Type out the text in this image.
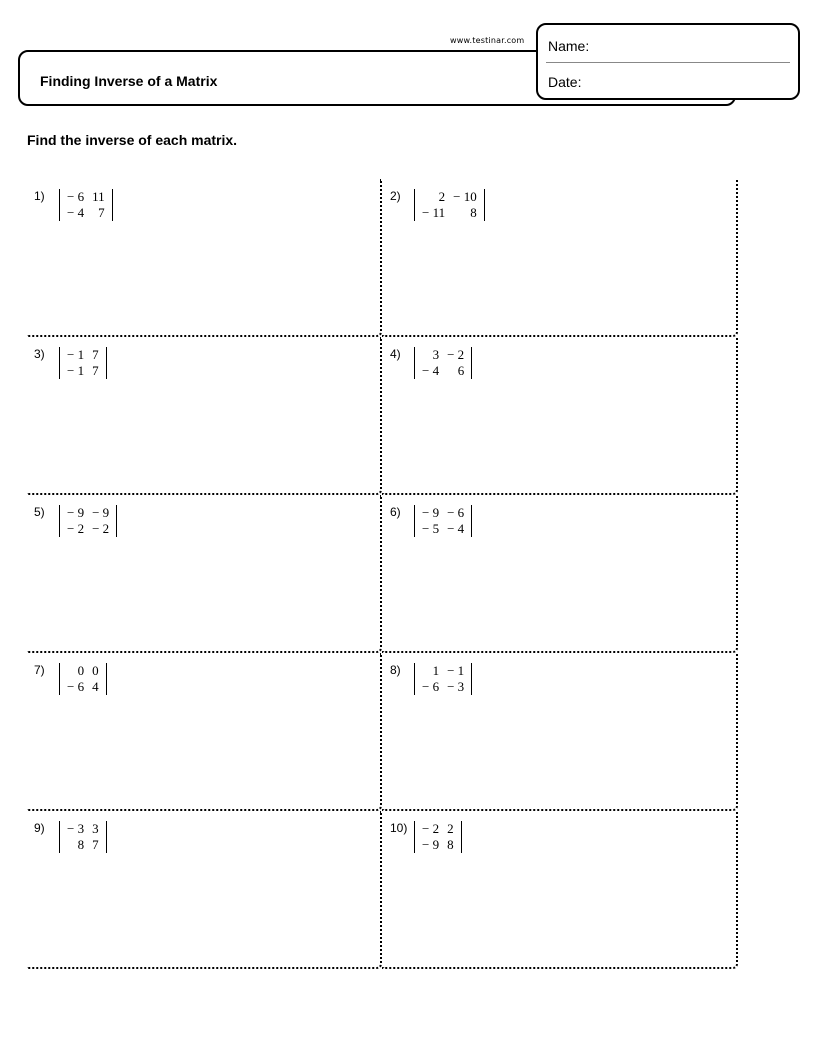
www.testinar.com
Finding Inverse of a Matrix
Name:
Date:
Find the inverse of each matrix.
1) − 6	11
− 4	7
2)	2	− 10
− 11	8
3) − 1	7
− 1	7
4) 3	− 2
− 4	6
5) − 9	− 9
− 2	− 2
6) − 9	− 6
− 5	− 4
7)	0	0
− 6	4
8) 1	− 1
− 6	− 3
9) − 3	3
8	7
10) − 2	2
− 9	8
